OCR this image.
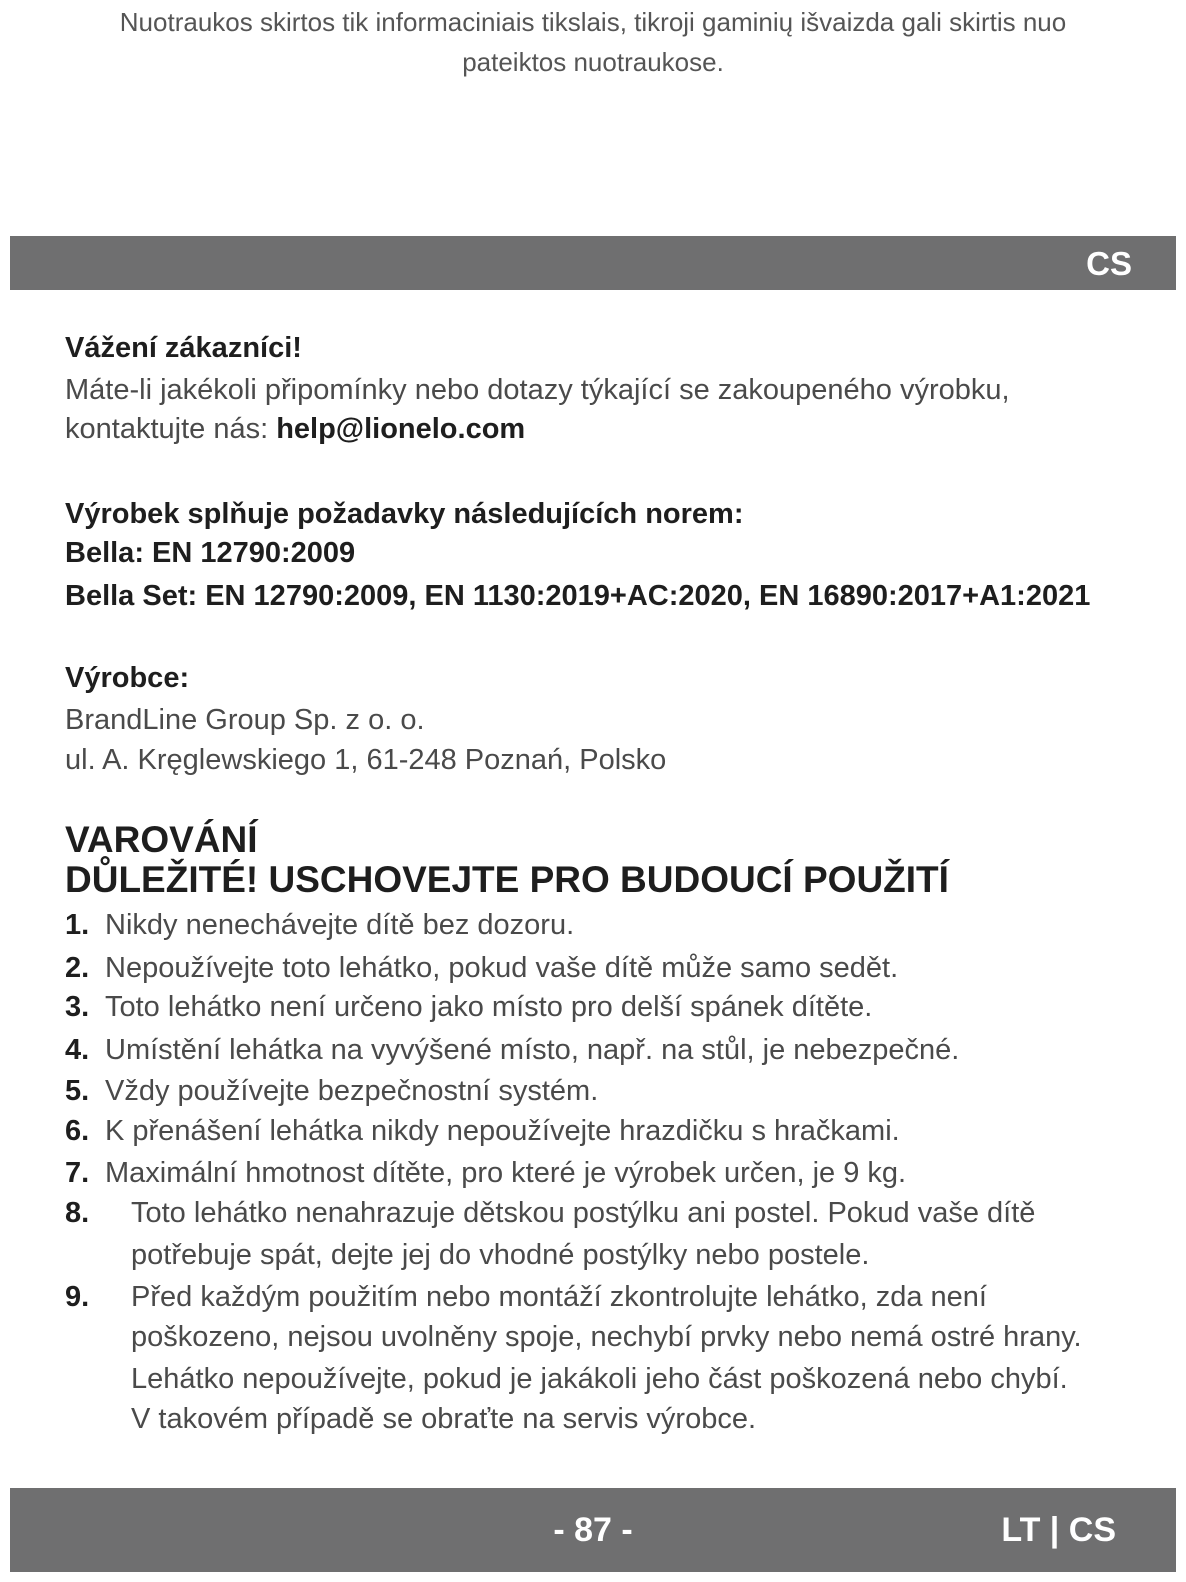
Nuotraukos skirtos tik informaciniais tikslais, tikroji gaminių išvaizda gali skirtis nuo
pateiktos nuotraukose.
CS
Vážení zákazníci!
Máte-li jakékoli připomínky nebo dotazy týkající se zakoupeného výrobku,
kontaktujte nás: help@lionelo.com
Výrobek splňuje požadavky následujících norem:
Bella: EN 12790:2009
Bella Set: EN 12790:2009, EN 1130:2019+AC:2020, EN 16890:2017+A1:2021
Výrobce:
BrandLine Group Sp. z o. o.
ul. A. Kręglewskiego 1, 61-248 Poznań, Polsko
VAROVÁNÍ
DŮLEŽITÉ! USCHOVEJTE PRO BUDOUCÍ POUŽITÍ
1. Nikdy nenechávejte dítě bez dozoru.
2. Nepoužívejte toto lehátko, pokud vaše dítě může samo sedět.
3. Toto lehátko není určeno jako místo pro delší spánek dítěte.
4. Umístění lehátka na vyvýšené místo, např. na stůl, je nebezpečné.
5. Vždy používejte bezpečnostní systém.
6. K přenášení lehátka nikdy nepoužívejte hrazdičku s hračkami.
7. Maximální hmotnost dítěte, pro které je výrobek určen, je 9 kg.
8. Toto lehátko nenahrazuje dětskou postýlku ani postel. Pokud vaše dítě
potřebuje spát, dejte jej do vhodné postýlky nebo postele.
9. Před každým použitím nebo montáží zkontrolujte lehátko, zda není
poškozeno, nejsou uvolněny spoje, nechybí prvky nebo nemá ostré hrany.
Lehátko nepoužívejte, pokud je jakákoli jeho část poškozená nebo chybí.
V takovém případě se obraťte na servis výrobce.
- 87 -	LT | CS
